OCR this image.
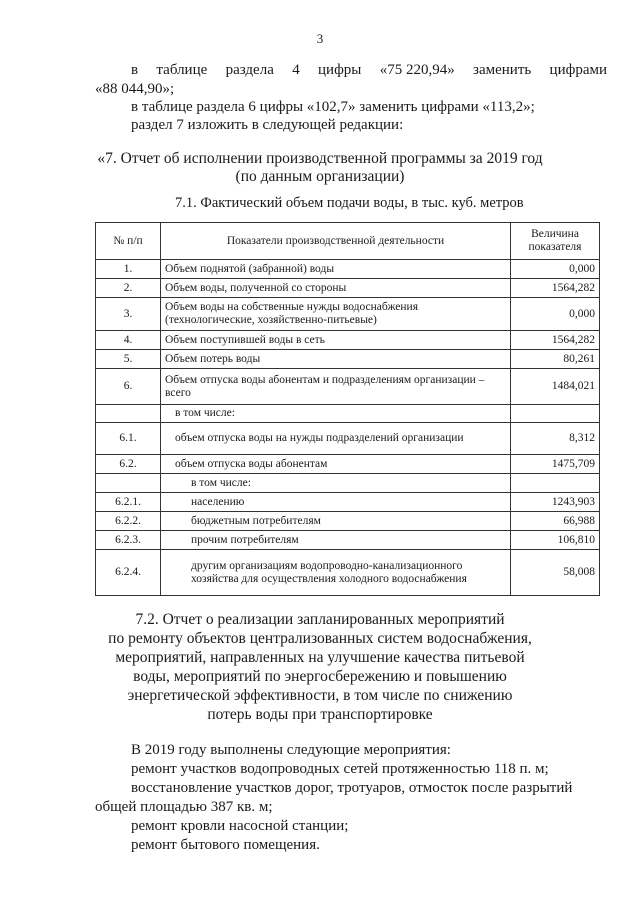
3
в таблице раздела 4 цифры «75 220,94» заменить цифрами
«88 044,90»;
в таблице раздела 6 цифры «102,7» заменить цифрами «113,2»;
раздел 7 изложить в следующей редакции:
«7. Отчет об исполнении производственной программы за 2019 год
(по данным организации)
7.1. Фактический объем подачи воды, в тыс. куб. метров
№ п/п	Показатели производственной деятельности	Величина показателя
1.	Объем поднятой (забранной) воды	0,000
2.	Объем воды, полученной со стороны	1564,282
3.	Объем воды на собственные нужды водоснабжения (технологические, хозяйственно-питьевые)	0,000
4.	Объем поступившей воды в сеть	1564,282
5.	Объем потерь воды	80,261
6.	Объем отпуска воды абонентам и подразделениям организации – всего	1484,021
	в том числе:	
6.1.	объем отпуска воды на нужды подразделений организации	8,312
6.2.	объем отпуска воды абонентам	1475,709
	в том числе:	
6.2.1.	населению	1243,903
6.2.2.	бюджетным потребителям	66,988
6.2.3.	прочим потребителям	106,810
6.2.4.	другим организациям водопроводно-канализационного хозяйства для осуществления холодного водоснабжения	58,008
7.2. Отчет о реализации запланированных мероприятий
по ремонту объектов централизованных систем водоснабжения,
мероприятий, направленных на улучшение качества питьевой
воды, мероприятий по энергосбережению и повышению
энергетической эффективности, в том числе по снижению
потерь воды при транспортировке
В 2019 году выполнены следующие мероприятия:
ремонт участков водопроводных сетей протяженностью 118 п. м;
восстановление участков дорог, тротуаров, отмосток после разрытий
общей площадью 387 кв. м;
ремонт кровли насосной станции;
ремонт бытового помещения.
